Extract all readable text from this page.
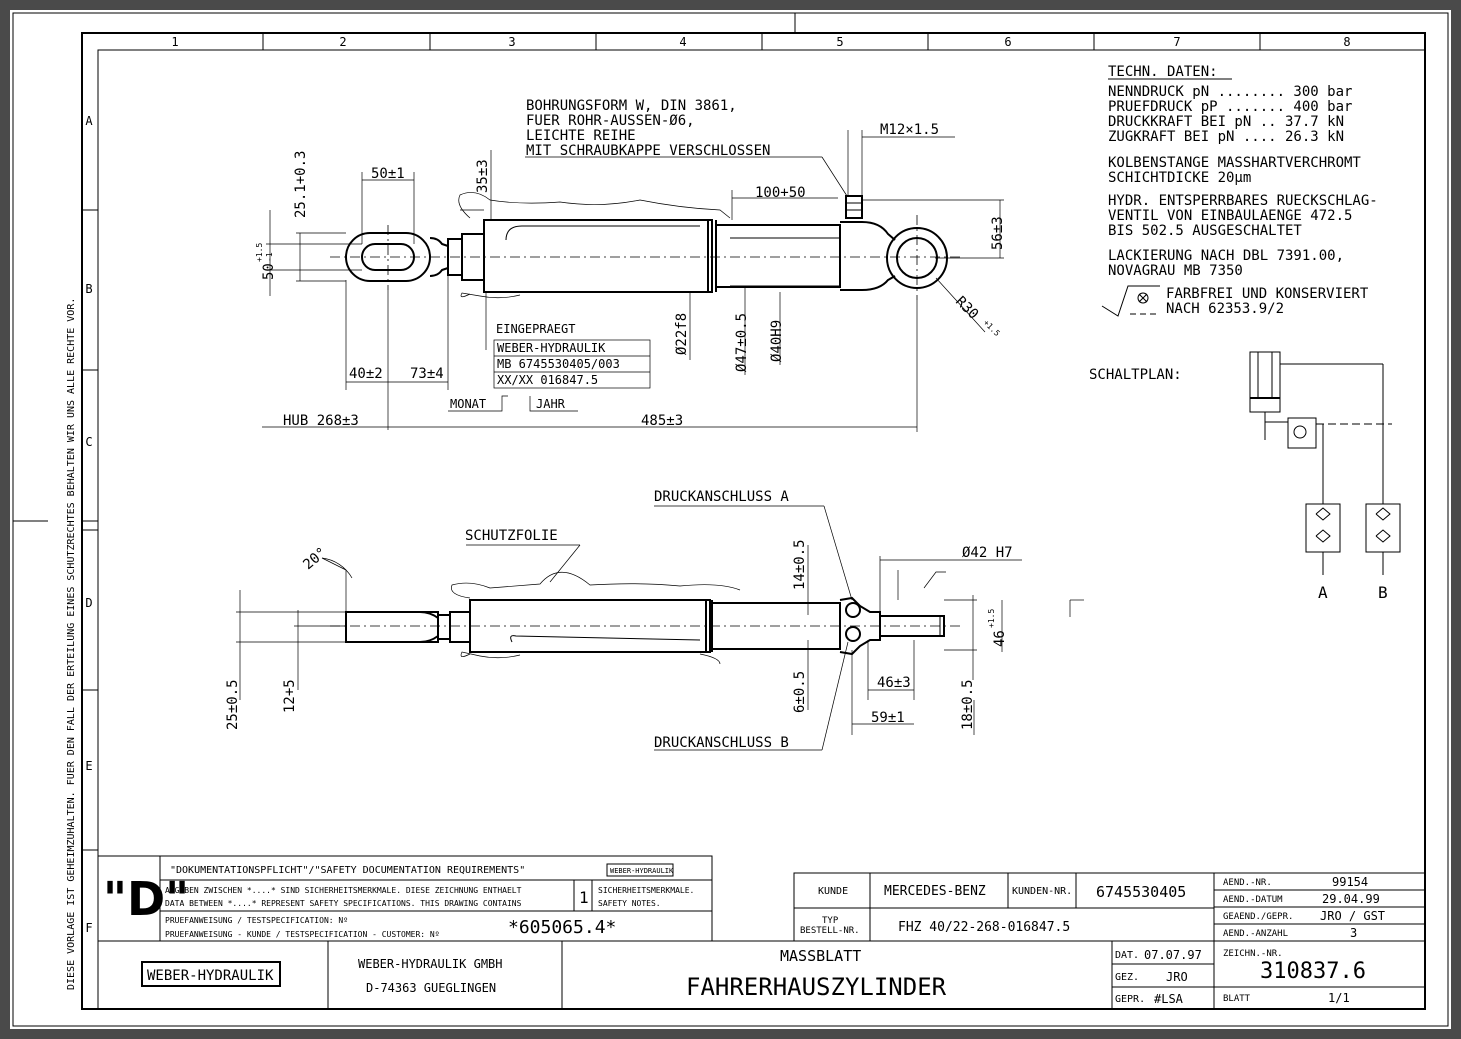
1	2	3	4	5	6	7	8
A
B
C
D
E
F
DIESE VORLAGE IST GEHEIMZUHALTEN. FUER DEN FALL DER ERTEILUNG EINES SCHUTZRECHTES BEHALTEN WIR UNS ALLE RECHTE VOR.	EINGEPRAEGT
WEBER-HYDRAULIK
MB 6745530405/003
XX/XX 016847.5
MONAT	JAHR
BOHRUNGSFORM W, DIN 3861,
FUER ROHR-AUSSEN-Ø6,
LEICHTE REIHE
MIT SCHRAUBKAPPE VERSCHLOSSEN
M12×1.5
50±1
25.1+0.3	35±3
50
+1.5 -1
100+50
56±3
R30
+1.5
Ø22f8	Ø47±0.5 Ø40H9
40±2 73±4
HUB 268±3	485±3
DRUCKANSCHLUSS A
DRUCKANSCHLUSS B
SCHUTZFOLIE
20°	14±0.5	Ø42 H7
46
+1.5
25±0.5	12+5	6±0.5	46±3
59±1	18±0.5
TECHN. DATEN:
NENNDRUCK pN ........ 300 bar
PRUEFDRUCK pP ....... 400 bar
DRUCKKRAFT BEI pN .. 37.7 kN
ZUGKRAFT BEI pN .... 26.3 kN
KOLBENSTANGE MASSHARTVERCHROMT
SCHICHTDICKE 20μm
HYDR. ENTSPERRBARES RUECKSCHLAG-
VENTIL VON EINBAULAENGE 472.5
BIS 502.5 AUSGESCHALTET
LACKIERUNG NACH DBL 7391.00,
NOVAGRAU MB 7350
FARBFREI UND KONSERVIERT
NACH 62353.9/2
SCHALTPLAN:
A	B
"D"
"DOKUMENTATIONSPFLICHT"/"SAFETY DOCUMENTATION REQUIREMENTS"	WEBER-HYDRAULIK
ANGABEN ZWISCHEN *....* SIND SICHERHEITSMERKMALE. DIESE ZEICHNUNG ENTHAELT
DATA BETWEEN *....* REPRESENT SAFETY SPECIFICATIONS. THIS DRAWING CONTAINS	1 SICHERHEITSMERKMALE.
SAFETY NOTES.
PRUEFANWEISUNG / TESTSPECIFICATION: Nº
PRUEFANWEISUNG - KUNDE / TESTSPECIFICATION - CUSTOMER: Nº	*605065.4*
KUNDE	MERCEDES-BENZ	KUNDEN-NR. 6745530405
TYP
BESTELL-NR.	FHZ 40/22-268-016847.5
AEND.-NR.	99154
AEND.-DATUM	29.04.99
GEAEND./GEPR. JRO / GST
AEND.-ANZAHL	3
WEBER-HYDRAULIK
WEBER-HYDRAULIK GMBH
D-74363 GUEGLINGEN
MASSBLATT
FAHRERHAUSZYLINDER
DAT. 07.07.97
GEZ. JRO
GEPR. #LSA
ZEICHN.-NR.
310837.6
BLATT	1/1
